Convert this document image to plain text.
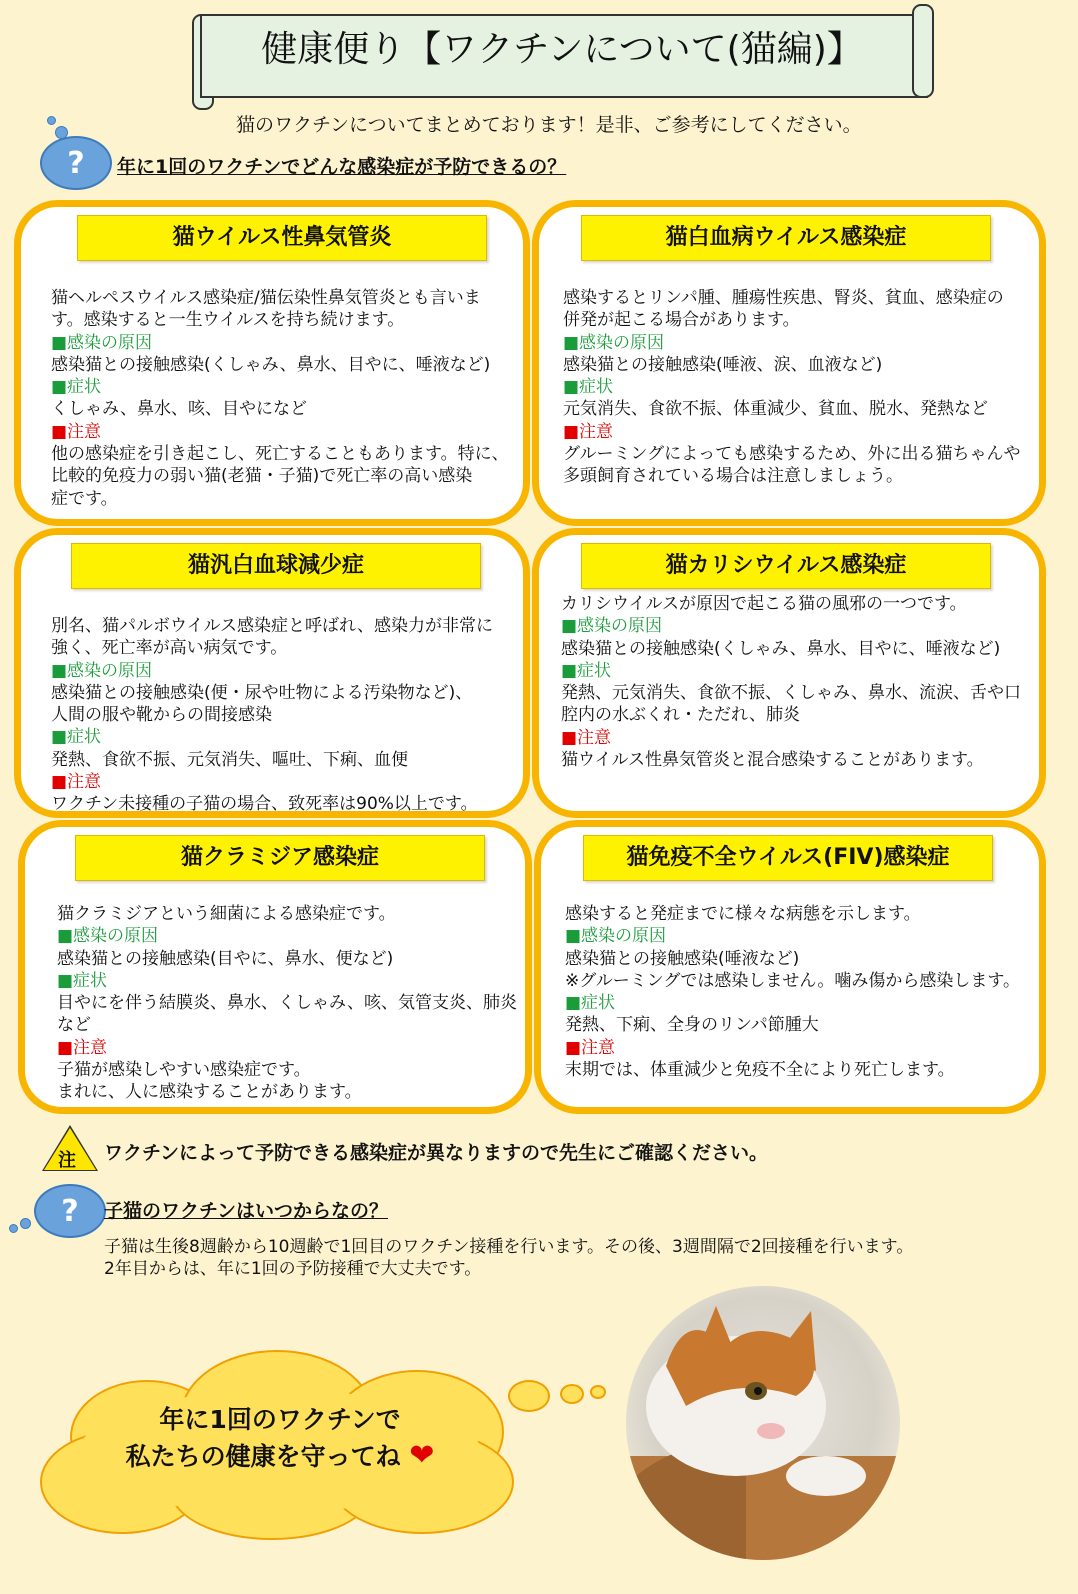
健康便り【ワクチンについて(猫編)】
猫のワクチンについてまとめております！是非、ご参考にしてください。
?	年に1回のワクチンでどんな感染症が予防できるの？
猫ウイルス性鼻気管炎
猫ヘルペスウイルス感染症/猫伝染性鼻気管炎とも言いま
す。感染すると一生ウイルスを持ち続けます。
■感染の原因
感染猫との接触感染(くしゃみ、鼻水、目やに、唾液など)
■症状
くしゃみ、鼻水、咳、目やになど
■注意
他の感染症を引き起こし、死亡することもあります。特に、
比較的免疫力の弱い猫(老猫・子猫)で死亡率の高い感染
症です。
猫白血病ウイルス感染症
感染するとリンパ腫、腫瘍性疾患、腎炎、貧血、感染症の
併発が起こる場合があります。
■感染の原因
感染猫との接触感染(唾液、涙、血液など)
■症状
元気消失、食欲不振、体重減少、貧血、脱水、発熱など
■注意
グルーミングによっても感染するため、外に出る猫ちゃんや
多頭飼育されている場合は注意しましょう。
猫汎白血球減少症
別名、猫パルボウイルス感染症と呼ばれ、感染力が非常に
強く、死亡率が高い病気です。
■感染の原因
感染猫との接触感染(便・尿や吐物による汚染物など)、
人間の服や靴からの間接感染
■症状
発熱、食欲不振、元気消失、嘔吐、下痢、血便
■注意
ワクチン未接種の子猫の場合、致死率は90%以上です。
猫カリシウイルス感染症
カリシウイルスが原因で起こる猫の風邪の一つです。
■感染の原因
感染猫との接触感染(くしゃみ、鼻水、目やに、唾液など)
■症状
発熱、元気消失、食欲不振、くしゃみ、鼻水、流涙、舌や口
腔内の水ぶくれ・ただれ、肺炎
■注意
猫ウイルス性鼻気管炎と混合感染することがあります。
猫クラミジア感染症
猫クラミジアという細菌による感染症です。
■感染の原因
感染猫との接触感染(目やに、鼻水、便など)
■症状
目やにを伴う結膜炎、鼻水、くしゃみ、咳、気管支炎、肺炎
など
■注意
子猫が感染しやすい感染症です。
まれに、人に感染することがあります。
猫免疫不全ウイルス(FIV)感染症
感染すると発症までに様々な病態を示します。
■感染の原因
感染猫との接触感染(唾液など)
※グルーミングでは感染しません。噛み傷から感染します。
■症状
発熱、下痢、全身のリンパ節腫大
■注意
末期では、体重減少と免疫不全により死亡します。
注 ワクチンによって予防できる感染症が異なりますので先生にご確認ください。
?	子猫のワクチンはいつからなの？
子猫は生後8週齢から10週齢で1回目のワクチン接種を行います。その後、3週間隔で2回接種を行います。
2年目からは、年に1回の予防接種で大丈夫です。
年に1回のワクチンで
私たちの健康を守ってね ❤
